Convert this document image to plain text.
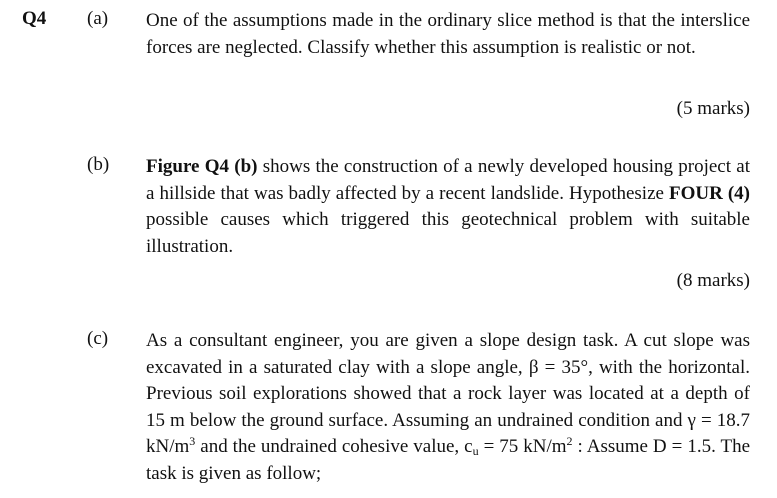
Q4 (a) One of the assumptions made in the ordinary slice method is that the interslice forces are neglected. Classify whether this assumption is realistic or not.
(5 marks)
(b) Figure Q4 (b) shows the construction of a newly developed housing project at a hillside that was badly affected by a recent landslide. Hypothesize FOUR (4) possible causes which triggered this geotechnical problem with suitable illustration.
(8 marks)
(c) As a consultant engineer, you are given a slope design task. A cut slope was excavated in a saturated clay with a slope angle, β = 35°, with the horizontal. Previous soil explorations showed that a rock layer was located at a depth of 15 m below the ground surface. Assuming an undrained condition and γ = 18.7 $kN/m^3$ and the undrained cohesive value, $c_u = 75$ $kN/m^2$ : Assume D = 1.5. The task is given as follow;
